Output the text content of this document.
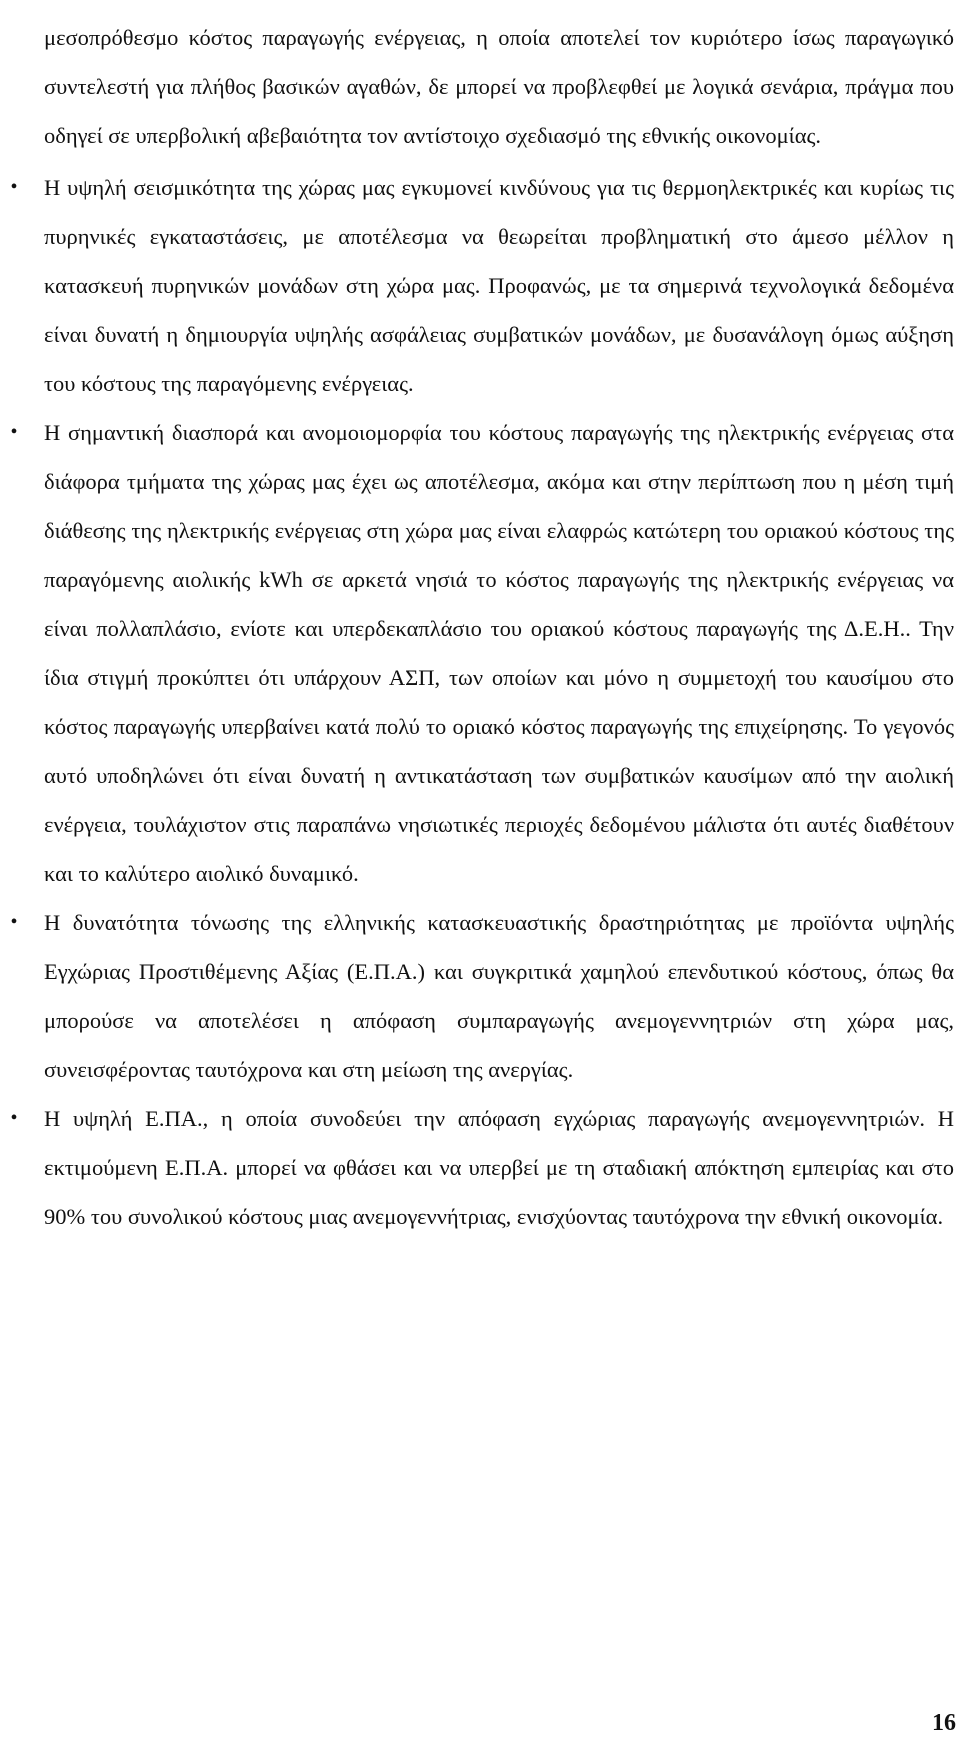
μεσοπρόθεσμο κόστος παραγωγής ενέργειας, η οποία αποτελεί τον κυριότερο ίσως παραγωγικό συντελεστή για πλήθος βασικών αγαθών, δε μπορεί να προβλεφθεί με λογικά σενάρια, πράγμα που οδηγεί σε υπερβολική αβεβαιότητα τον αντίστοιχο σχεδιασμό της εθνικής οικονομίας.

• Η υψηλή σεισμικότητα της χώρας μας εγκυμονεί κινδύνους για τις θερμοηλεκτρικές και κυρίως τις πυρηνικές εγκαταστάσεις, με αποτέλεσμα να θεωρείται προβληματική στο άμεσο μέλλον η κατασκευή πυρηνικών μονάδων στη χώρα μας. Προφανώς, με τα σημερινά τεχνολογικά δεδομένα είναι δυνατή η δημιουργία υψηλής ασφάλειας συμβατικών μονάδων, με δυσανάλογη όμως αύξηση του κόστους της παραγόμενης ενέργειας.
• Η σημαντική διασπορά και ανομοιομορφία του κόστους παραγωγής της ηλεκτρικής ενέργειας στα διάφορα τμήματα της χώρας μας έχει ως αποτέλεσμα, ακόμα και στην περίπτωση που η μέση τιμή διάθεσης της ηλεκτρικής ενέργειας στη χώρα μας είναι ελαφρώς κατώτερη του οριακού κόστους της παραγόμενης αιολικής kWh σε αρκετά νησιά το κόστος παραγωγής της ηλεκτρικής ενέργειας να είναι πολλαπλάσιο, ενίοτε και υπερδεκαπλάσιο του οριακού κόστους παραγωγής της Δ.Ε.Η.. Την ίδια στιγμή προκύπτει ότι υπάρχουν ΑΣΠ, των οποίων και μόνο η συμμετοχή του καυσίμου στο κόστος παραγωγής υπερβαίνει κατά πολύ το οριακό κόστος παραγωγής της επιχείρησης. Το γεγονός αυτό υποδηλώνει ότι είναι δυνατή η αντικατάσταση των συμβατικών καυσίμων από την αιολική ενέργεια, τουλάχιστον στις παραπάνω νησιωτικές περιοχές δεδομένου μάλιστα ότι αυτές διαθέτουν και το καλύτερο αιολικό δυναμικό.
• Η δυνατότητα τόνωσης της ελληνικής κατασκευαστικής δραστηριότητας με προϊόντα υψηλής Εγχώριας Προστιθέμενης Αξίας (Ε.Π.Α.) και συγκριτικά χαμηλού επενδυτικού κόστους, όπως θα μπορούσε να αποτελέσει η απόφαση συμπαραγωγής ανεμογεννητριών στη χώρα μας, συνεισφέροντας ταυτόχρονα και στη μείωση της ανεργίας.
• Η υψηλή Ε.ΠΑ., η οποία συνοδεύει την απόφαση εγχώριας παραγωγής ανεμογεννητριών. Η εκτιμούμενη Ε.Π.Α. μπορεί να φθάσει και να υπερβεί με τη σταδιακή απόκτηση εμπειρίας και στο 90% του συνολικού κόστους μιας ανεμογεννήτριας, ενισχύοντας ταυτόχρονα την εθνική οικονομία.
16
